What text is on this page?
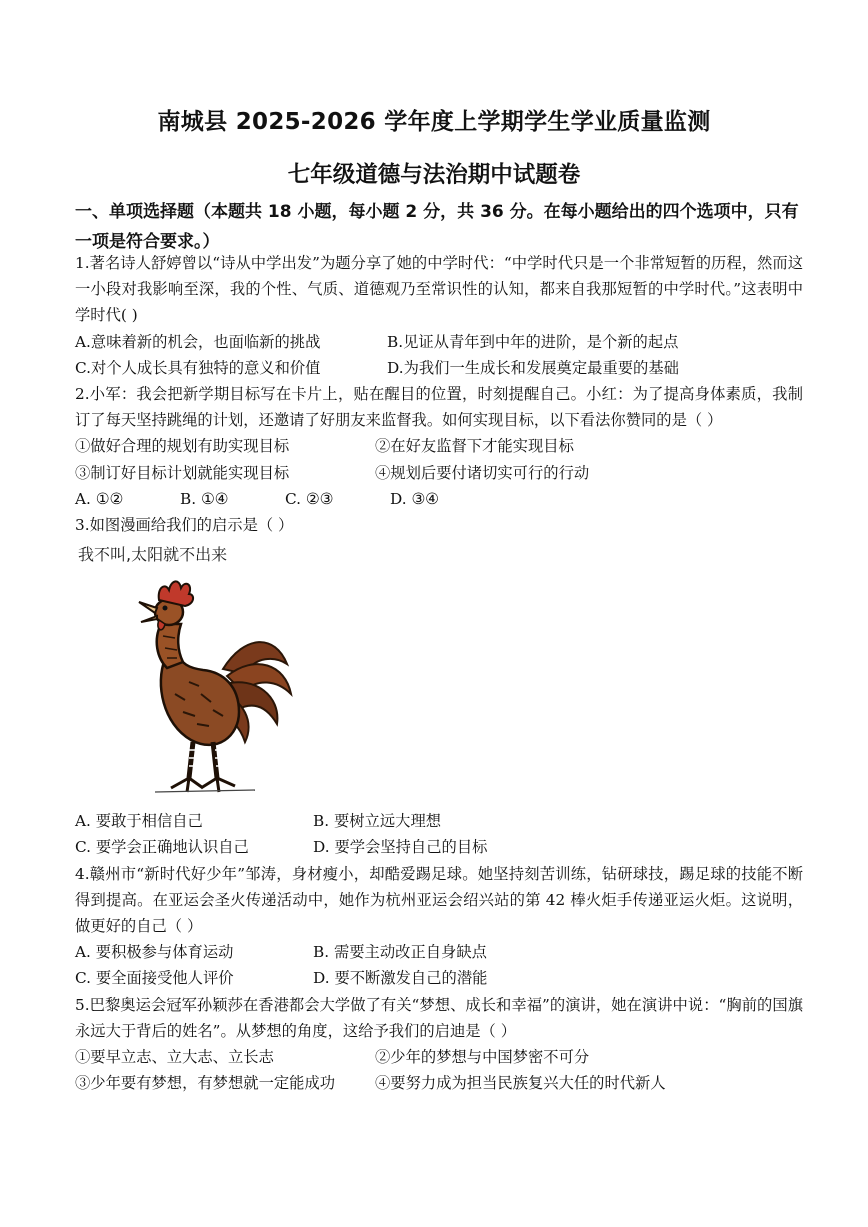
南城县 2025-2026 学年度上学期学生学业质量监测
七年级道德与法治期中试题卷
一、单项选择题（本题共 18 小题，每小题 2 分，共 36 分。在每小题给出的四个选项中，只有一项是符合要求。）

1.著名诗人舒婷曾以“诗从中学出发”为题分享了她的中学时代：“中学时代只是一个非常短暂的历程，然而这一小段对我影响至深，我的个性、气质、道德观乃至常识性的认知，都来自我那短暂的中学时代。”这表明中学时代( )

A.意味着新的机会，也面临新的挑战	B.见证从青年到中年的进阶，是个新的起点
C.对个人成长具有独特的意义和价值	D.为我们一生成长和发展奠定最重要的基础

2.小军：我会把新学期目标写在卡片上，贴在醒目的位置，时刻提醒自己。小红：为了提高身体素质，我制订了每天坚持跳绳的计划，还邀请了好朋友来监督我。如何实现目标，以下看法你赞同的是（ ）

①做好合理的规划有助实现目标	②在好友监督下才能实现目标
③制订好目标计划就能实现目标	④规划后要付诸切实可行的行动
A. ①②	B. ①④	C. ②③	D. ③④

3.如图漫画给我们的启示是（ ）

我不叫,太阳就不出来
A. 要敢于相信自己	B. 要树立远大理想
C. 要学会正确地认识自己	D. 要学会坚持自己的目标

4.赣州市“新时代好少年”邹涛，身材瘦小，却酷爱踢足球。她坚持刻苦训练，钻研球技，踢足球的技能不断得到提高。在亚运会圣火传递活动中，她作为杭州亚运会绍兴站的第 42 棒火炬手传递亚运火炬。这说明，做更好的自己（ ）

A. 要积极参与体育运动	B. 需要主动改正自身缺点
C. 要全面接受他人评价	D. 要不断激发自己的潜能

5.巴黎奥运会冠军孙颖莎在香港都会大学做了有关“梦想、成长和幸福”的演讲，她在演讲中说：“胸前的国旗永远大于背后的姓名”。从梦想的角度，这给予我们的启迪是（ ）

①要早立志、立大志、立长志	②少年的梦想与中国梦密不可分
③少年要有梦想，有梦想就一定能成功	④要努力成为担当民族复兴大任的时代新人
